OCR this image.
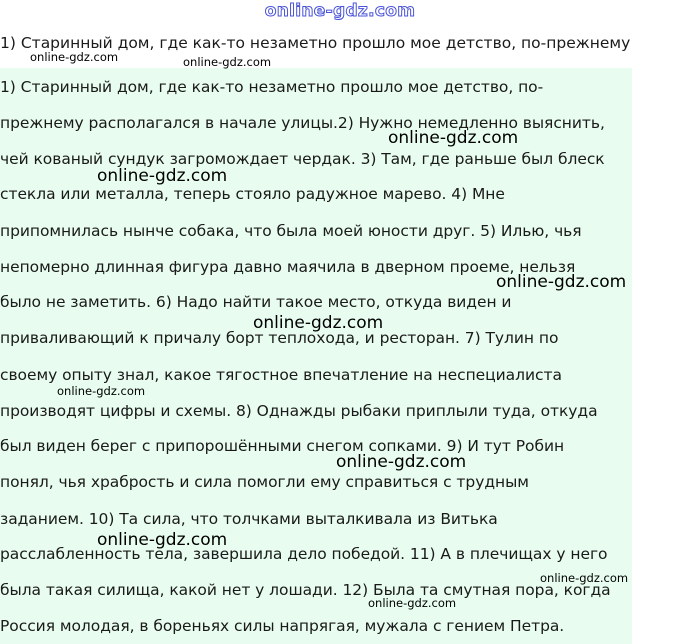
online-gdz.com
1) Старинный дом, где как-то незаметно прошло мое детство, по-прежнему
1) Старинный дом, где как-то незаметно прошло мое детство, по-
прежнему располагался в начале улицы.2) Нужно немедленно выяснить,
чей кованый сундук загромождает чердак. 3) Там, где раньше был блеск
стекла или металла, теперь стояло радужное марево. 4) Мне
припомнилась нынче собака, что была моей юности друг. 5) Илью, чья
непомерно длинная фигура давно маячила в дверном проеме, нельзя
было не заметить. 6) Надо найти такое место, откуда виден и
приваливающий к причалу борт теплохода, и ресторан. 7) Тулин по
своему опыту знал, какое тягостное впечатление на неспециалиста
производят цифры и схемы. 8) Однажды рыбаки приплыли туда, откуда
был виден берег с припорошёнными снегом сопками. 9) И тут Робин
понял, чья храбрость и сила помогли ему справиться с трудным
заданием. 10) Та сила, что толчками выталкивала из Витька
расслабленность тела, завершила дело победой. 11) А в плечищах у него
была такая силища, какой нет у лошади. 12) Была та смутная пора, когда
Россия молодая, в бореньях силы напрягая, мужала с гением Петра.
online-gdz.com	online-gdz.com
online-gdz.com
online-gdz.com
online-gdz.com
online-gdz.com
online-gdz.com
online-gdz.com
online-gdz.com
online-gdz.com
online-gdz.com
